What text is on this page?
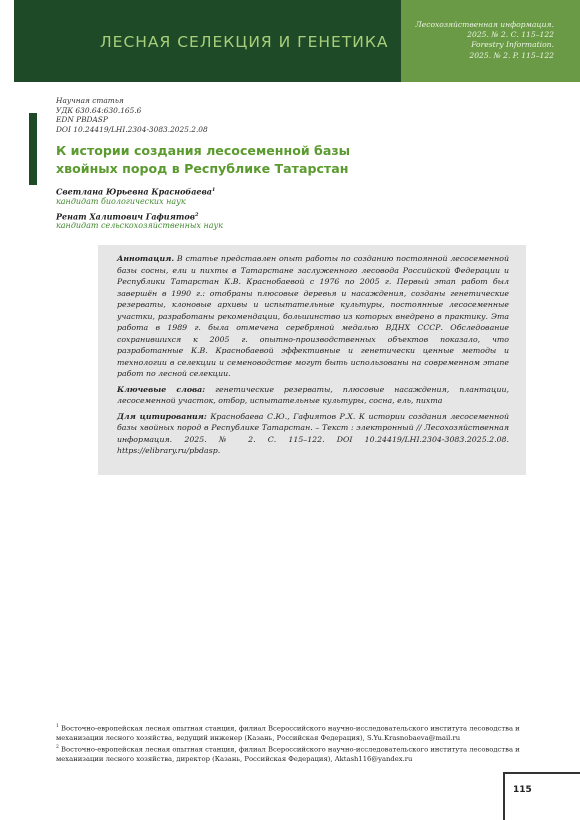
ЛЕСНАЯ СЕЛЕКЦИЯ И ГЕНЕТИКА
Лесохозяйственная информация.
2025. № 2. С. 115–122
Forestry Information.
2025. № 2. P. 115–122
Научная статья
УДК 630.64:630.165.6
EDN PBDASP
DOI 10.24419/LHI.2304-3083.2025.2.08
К истории создания лесосеменной базы хвойных пород в Республике Татарстан
Светлана Юрьевна Краснобаева$^1$
кандидат биологических наук
Ренат Халитович Гафиятов$^2$
кандидат сельскохозяйственных наук

Аннотация. В статье представлен опыт работы по созданию постоянной лесосеменной базы сосны, ели и пихты в Татарстане заслуженного лесовода Российской Федерации и Республики Татарстан К.В. Краснобаевой с 1976 по 2005 г. Первый этап работ был завершён в 1990 г.: отобраны плюсовые деревья и насаждения, созданы генетические резерваты, клоновые архивы и испытательные культуры, постоянные лесосеменные участки, разработаны рекомендации, большинство из которых внедрено в практику. Эта работа в 1989 г. была отмечена серебряной медалью ВДНХ СССР. Обследование сохранившихся к 2005 г. опытно-производственных объектов показало, что разработанные К.В. Краснобаевой эффективные и генетически ценные методы и технологии в селекции и семеноводстве могут быть использованы на современном этапе работ по лесной селекции.

Ключевые слова: генетические резерваты, плюсовые насаждения, плантации, лесосеменной участок, отбор, испытательные культуры, сосна, ель, пихта

Для цитирования: Краснобаева С.Ю., Гафиятов Р.Х. К истории создания лесосеменной базы хвойных пород в Республике Татарстан. – Текст : электронный // Лесохозяйственная информация. 2025. № 2. С. 115–122. DOI 10.24419/LHI.2304-3083.2025.2.08. https://elibrary.ru/pbdasp.

$^1$ Восточно-европейская лесная опытная станция, филиал Всероссийского научно-исследовательского института лесоводства и механизации лесного хозяйства, ведущий инженер (Казань, Российская Федерация), S.Yu.Krasnobaeva@mail.ru
$^2$ Восточно-европейская лесная опытная станция, филиал Всероссийского научно-исследовательского института лесоводства и механизации лесного хозяйства, директор (Казань, Российская Федерация), Aktash116@yandex.ru
115
